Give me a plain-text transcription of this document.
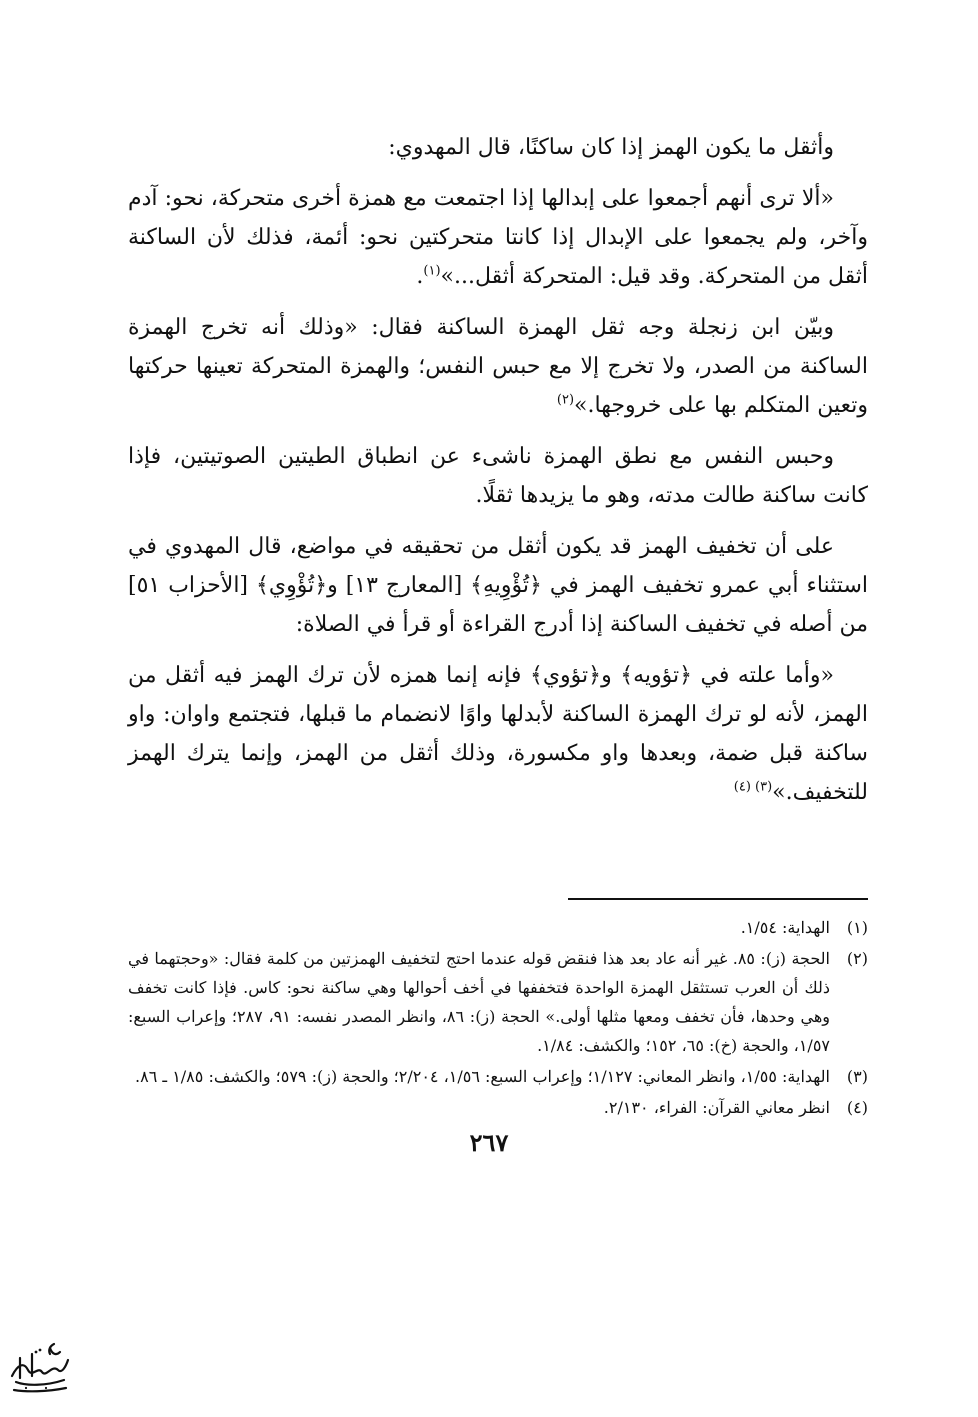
وأثقل ما يكون الهمز إذا كان ساكنًا، قال المهدوي:

«ألا ترى أنهم أجمعوا على إبدالها إذا اجتمعت مع همزة أخرى متحركة، نحو: آدم وآخر، ولم يجمعوا على الإبدال إذا كانتا متحركتين نحو: أئمة، فذلك لأن الساكنة أثقل من المتحركة. وقد قيل: المتحركة أثقل...»$^{(١)}$.

وبيّن ابن زنجلة وجه ثقل الهمزة الساكنة فقال: «وذلك أنه تخرج الهمزة الساكنة من الصدر، ولا تخرج إلا مع حبس النفس؛ والهمزة المتحركة تعينها حركتها وتعين المتكلم بها على خروجها.»$^{(٢)}$

وحبس النفس مع نطق الهمزة ناشىء عن انطباق الطيتين الصوتيتين، فإذا كانت ساكنة طالت مدته، وهو ما يزيدها ثقلًا.

على أن تخفيف الهمز قد يكون أثقل من تحقيقه في مواضع، قال المهدوي في استثناء أبي عمرو تخفيف الهمز في ﴿تُؤْوِيهِ﴾ [المعارج ١٣] و﴿تُؤْوِي﴾ [الأحزاب ٥١] من أصله في تخفيف الساكنة إذا أدرج القراءة أو قرأ في الصلاة:

«وأما علته في ﴿تؤويه﴾ و﴿تؤوي﴾ فإنه إنما همزه لأن ترك الهمز فيه أثقل من الهمز، لأنه لو ترك الهمزة الساكنة لأبدلها واوًا لانضمام ما قبلها، فتجتمع واوان: واو ساكنة قبل ضمة، وبعدها واو مكسورة، وذلك أثقل من الهمز، وإنما يترك الهمز للتخفيف.»$^{(٣) (٤)}$

(١)
الهداية: ١/٥٤.
(٢)
الحجة (ز): ٨٥. غير أنه عاد بعد هذا فنقض قوله عندما احتج لتخفيف الهمزتين من كلمة فقال: «وحجتهما في ذلك أن العرب تستثقل الهمزة الواحدة فتخففها في أخف أحوالها وهي ساكنة نحو: كاس. فإذا كانت تخفف وهي وحدها، فأن تخفف ومعها مثلها أولى.» الحجة (ز): ٨٦، وانظر المصدر نفسه: ٩١، ٢٨٧؛ وإعراب السبع: ١/٥٧، والحجة (خ): ٦٥، ١٥٢؛ والكشف: ١/٨٤.
(٣)
الهداية: ١/٥٥، وانظر المعاني: ١/١٢٧؛ وإعراب السبع: ١/٥٦، ٢/٢٠٤؛ والحجة (ز): ٥٧٩؛ والكشف: ١/٨٥ ـ ٨٦.
(٤)
انظر معاني القرآن: الفراء، ٢/١٣٠.
٢٦٧
